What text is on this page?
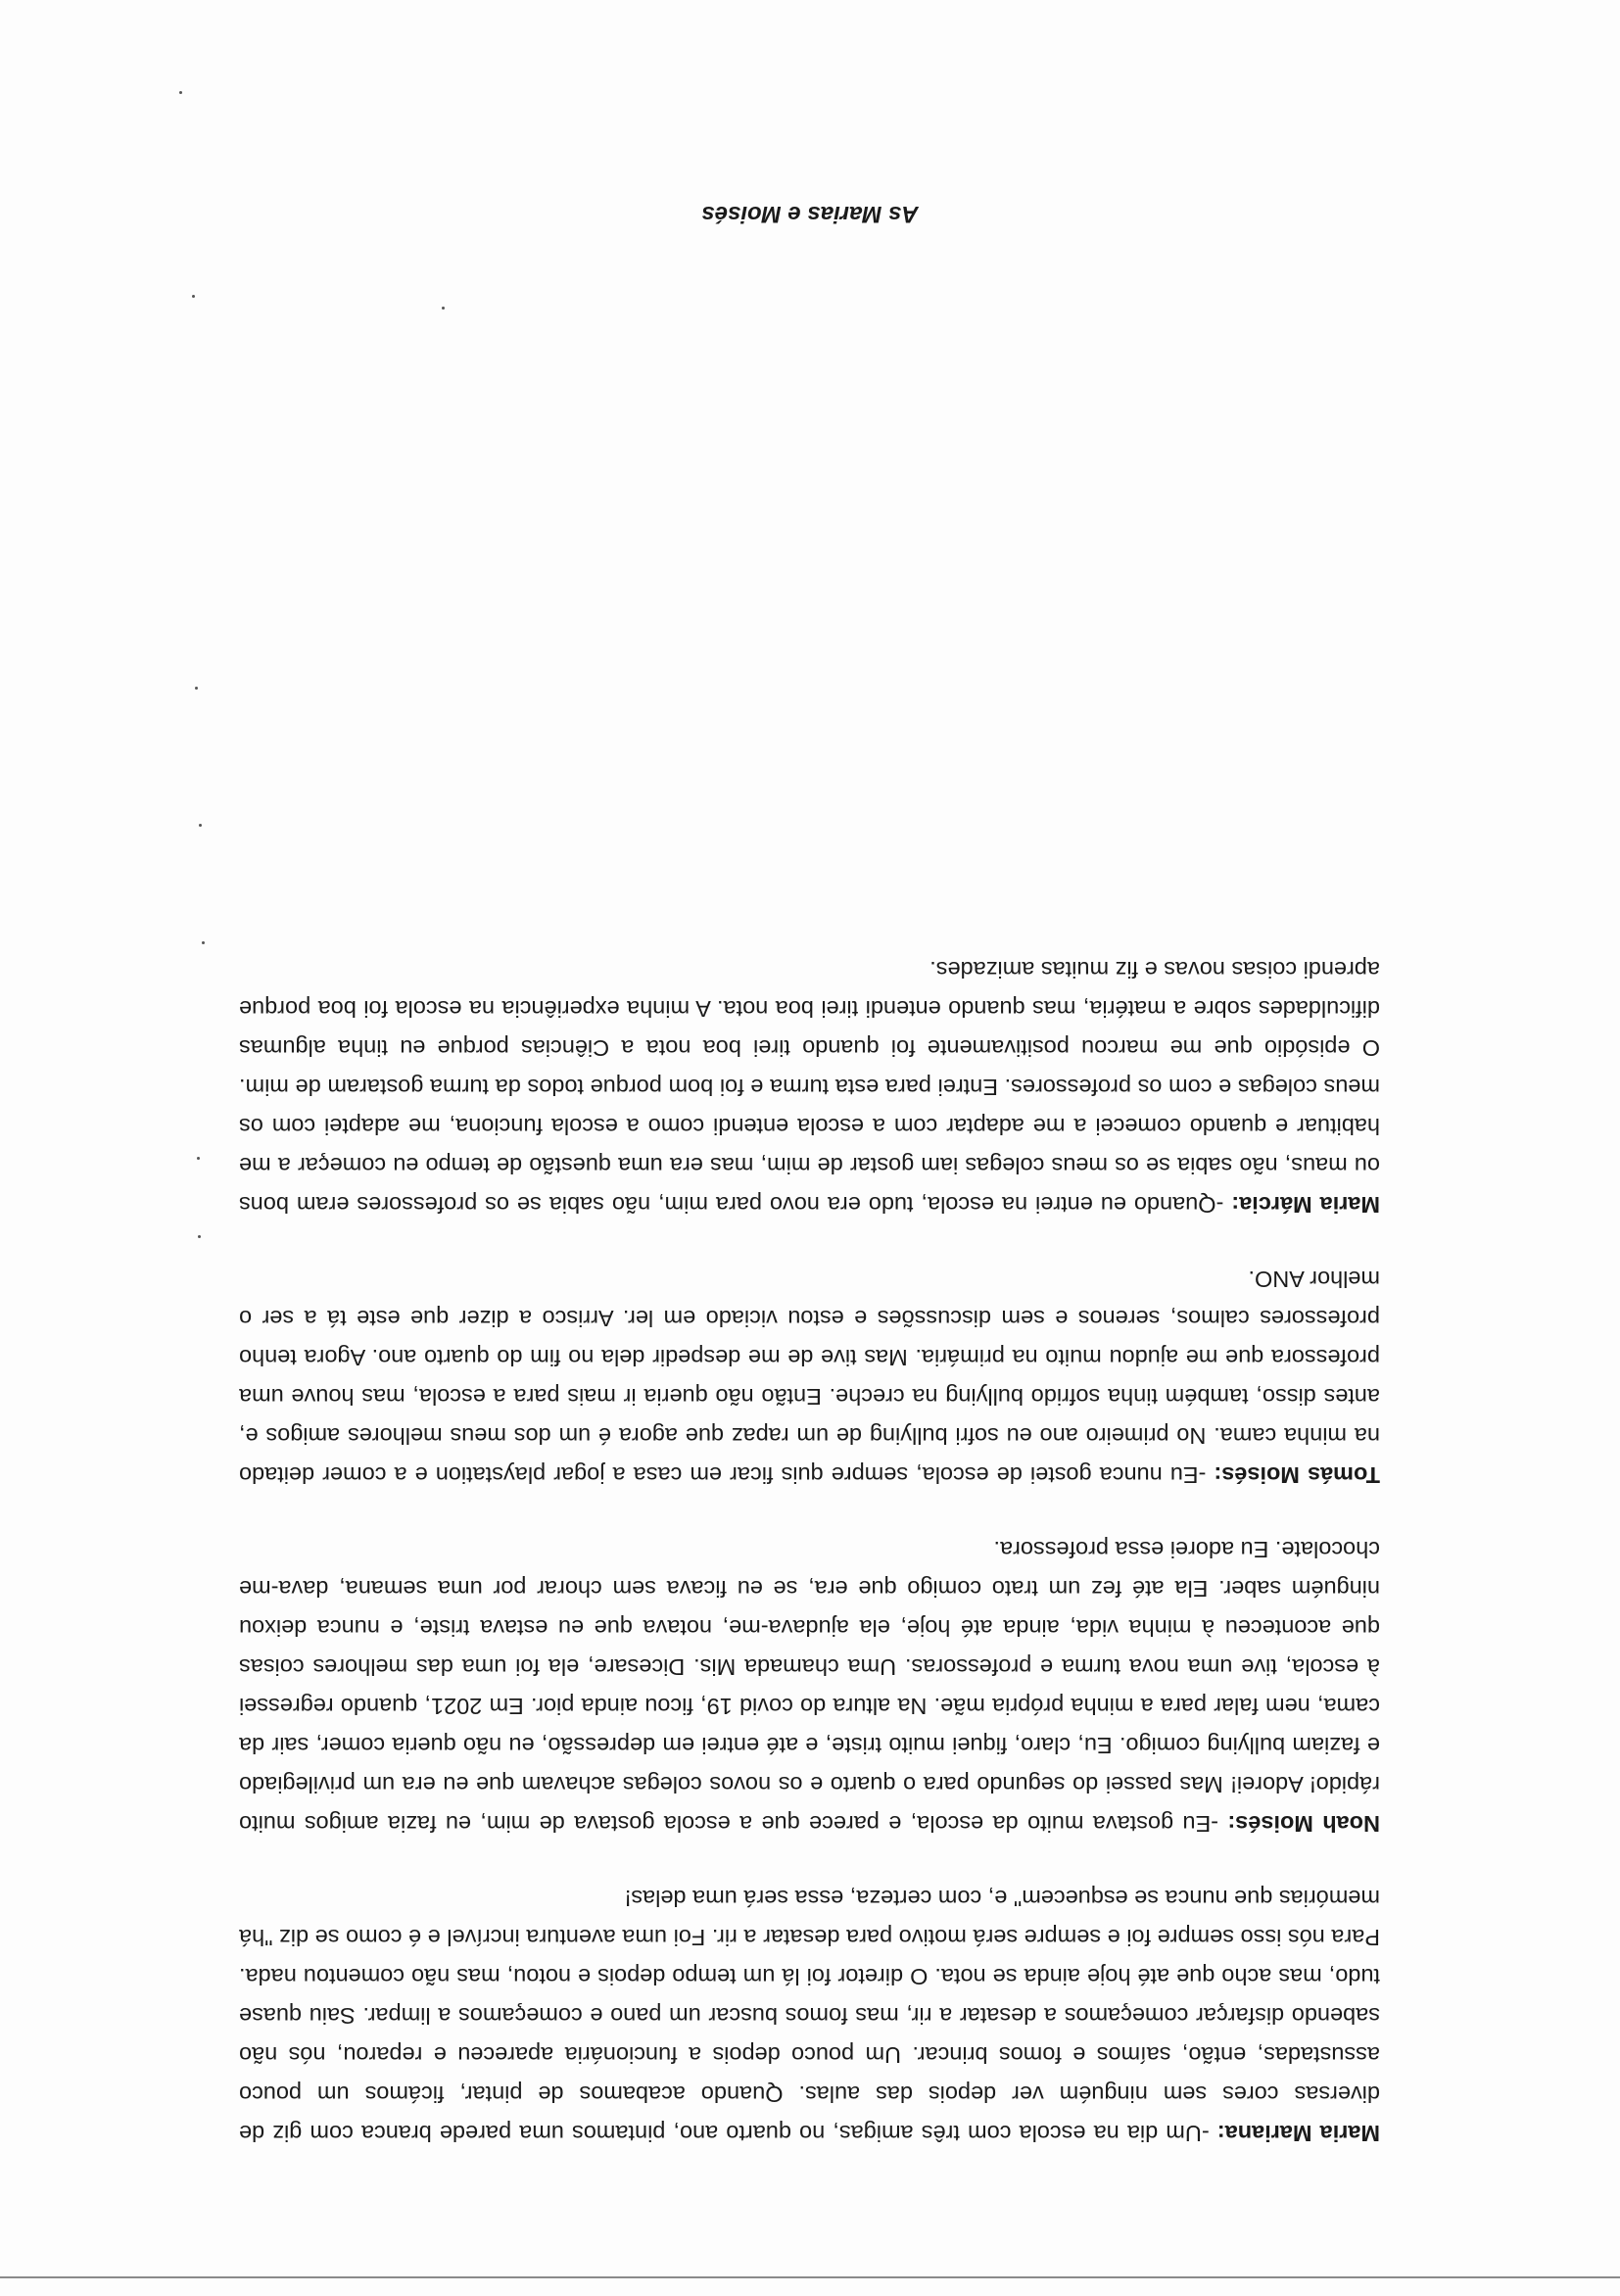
Maria Mariana: -Um dia na escola com três amigas, no quarto ano, pintamos uma parede branca com giz de diversas cores sem ninguém ver depois das aulas. Quando acabamos de pintar, ficámos um pouco assustadas, então, saímos e fomos brincar. Um pouco depois a funcionária apareceu e reparou, nós não sabendo disfarçar começamos a desatar a rir, mas fomos buscar um pano e começamos a limpar. Saiu quase tudo, mas acho que até hoje ainda se nota. O diretor foi lá um tempo depois e notou, mas não comentou nada. Para nós isso sempre foi e sempre será motivo para desatar a rir. Foi uma aventura incrível e é como se diz "há memórias que nunca se esquecem" e, com certeza, essa será uma delas!

Noah Moisés: -Eu gostava muito da escola, e parece que a escola gostava de mim, eu fazia amigos muito rápido! Adorei! Mas passei do segundo para o quarto e os novos colegas achavam que eu era um privilegiado e faziam bullying comigo. Eu, claro, fiquei muito triste, e até entrei em depressão, eu não queria comer, sair da cama, nem falar para a minha própria mãe. Na altura do covid 19, ficou ainda pior. Em 2021, quando regressei à escola, tive uma nova turma e professoras. Uma chamada Mis. Dicesare, ela foi uma das melhores coisas que aconteceu à minha vida, ainda até hoje, ela ajudava-me, notava que eu estava triste, e nunca deixou ninguém saber. Ela até fez um trato comigo que era, se eu ficava sem chorar por uma semana, dava-me chocolate. Eu adorei essa professora.

Tomás Moisés: -Eu nunca gostei de escola, sempre quis ficar em casa a jogar playstation e a comer deitado na minha cama. No primeiro ano eu sofri bullying de um rapaz que agora é um dos meus melhores amigos e, antes disso, também tinha sofrido bullying na creche. Então não queria ir mais para a escola, mas houve uma professora que me ajudou muito na primária. Mas tive de me despedir dela no fim do quarto ano. Agora tenho professores calmos, serenos e sem discussões e estou viciado em ler. Arrisco a dizer que este tá a ser o melhor ANO.

Maria Márcia: -Quando eu entrei na escola, tudo era novo para mim, não sabia se os professores eram bons ou maus, não sabia se os meus colegas iam gostar de mim, mas era uma questão de tempo eu começar a me habituar e quando comecei a me adaptar com a escola entendi como a escola funciona, me adaptei com os meus colegas e com os professores. Entrei para esta turma e foi bom porque todos da turma gostaram de mim. O episódio que me marcou positivamente foi quando tirei boa nota a Ciências porque eu tinha algumas dificuldades sobre a matéria, mas quando entendi tirei boa nota. A minha experiência na escola foi boa porque aprendi coisas novas e fiz muitas amizades.

As Marias e Moisés
